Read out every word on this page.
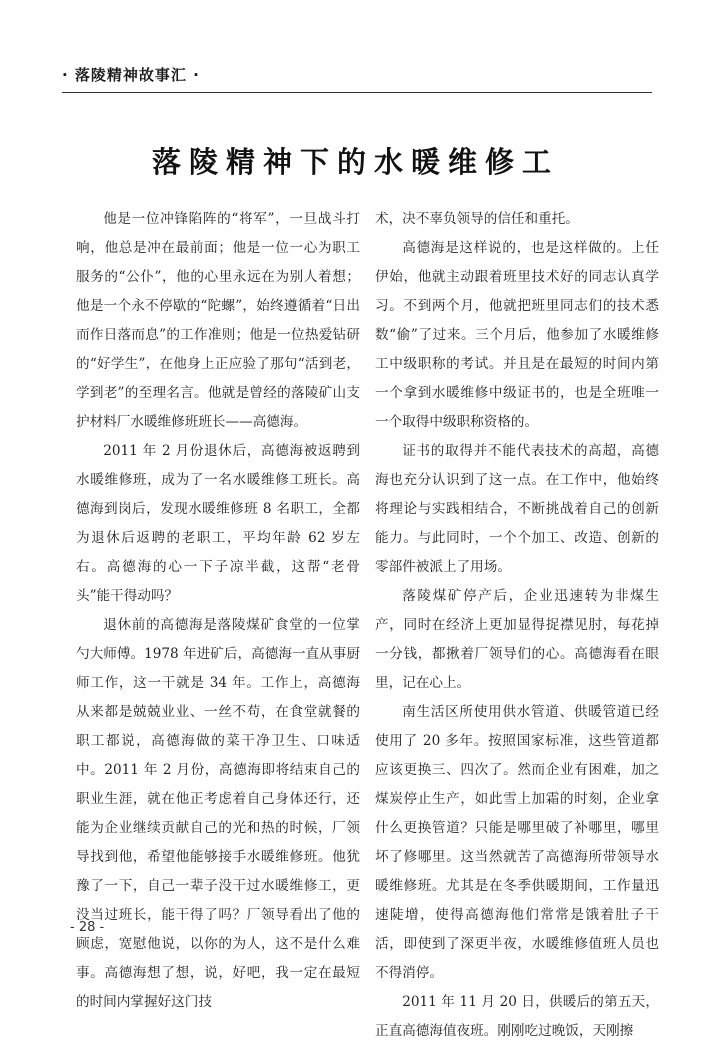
· 落陵精神故事汇 ·
落陵精神下的水暖维修工

他是一位冲锋陷阵的“将军”，一旦战斗打响，他总是冲在最前面；他是一位一心为职工服务的“公仆”，他的心里永远在为别人着想；他是一个永不停歇的“陀螺”，始终遵循着“日出而作日落而息”的工作准则；他是一位热爱钻研的“好学生”，在他身上正应验了那句“活到老，学到老”的至理名言。他就是曾经的落陵矿山支护材料厂水暖维修班班长——高德海。

2011 年 2 月份退休后，高德海被返聘到水暖维修班，成为了一名水暖维修工班长。高德海到岗后，发现水暖维修班 8 名职工，全都为退休后返聘的老职工，平均年龄 62 岁左右。高德海的心一下子凉半截，这帮“老骨头”能干得动吗？

退休前的高德海是落陵煤矿食堂的一位掌勺大师傅。1978 年进矿后，高德海一直从事厨师工作，这一干就是 34 年。工作上，高德海从来都是兢兢业业、一丝不苟，在食堂就餐的职工都说，高德海做的菜干净卫生、口味适中。2011 年 2 月份，高德海即将结束自己的职业生涯，就在他正考虑着自己身体还行，还能为企业继续贡献自己的光和热的时候，厂领导找到他，希望他能够接手水暖维修班。他犹豫了一下，自己一辈子没干过水暖维修工，更没当过班长，能干得了吗？厂领导看出了他的顾虑，宽慰他说，以你的为人，这不是什么难事。高德海想了想，说，好吧，我一定在最短的时间内掌握好这门技

术，决不辜负领导的信任和重托。

高德海是这样说的，也是这样做的。上任伊始，他就主动跟着班里技术好的同志认真学习。不到两个月，他就把班里同志们的技术悉数“偷”了过来。三个月后，他参加了水暖维修工中级职称的考试。并且是在最短的时间内第一个拿到水暖维修中级证书的，也是全班唯一一个取得中级职称资格的。

证书的取得并不能代表技术的高超，高德海也充分认识到了这一点。在工作中，他始终将理论与实践相结合，不断挑战着自己的创新能力。与此同时，一个个加工、改造、创新的零部件被派上了用场。

落陵煤矿停产后，企业迅速转为非煤生产，同时在经济上更加显得捉襟见肘，每花掉一分钱，都揪着厂领导们的心。高德海看在眼里，记在心上。

南生活区所使用供水管道、供暖管道已经使用了 20 多年。按照国家标准，这些管道都应该更换三、四次了。然而企业有困难，加之煤炭停止生产，如此雪上加霜的时刻，企业拿什么更换管道？只能是哪里破了补哪里，哪里坏了修哪里。这当然就苦了高德海所带领导水暖维修班。尤其是在冬季供暖期间，工作量迅速陡增，使得高德海他们常常是饿着肚子干活，即使到了深更半夜，水暖维修值班人员也不得消停。

2011 年 11 月 20 日，供暖后的第五天，正直高德海值夜班。刚刚吃过晚饭，天刚擦

- 28 -
